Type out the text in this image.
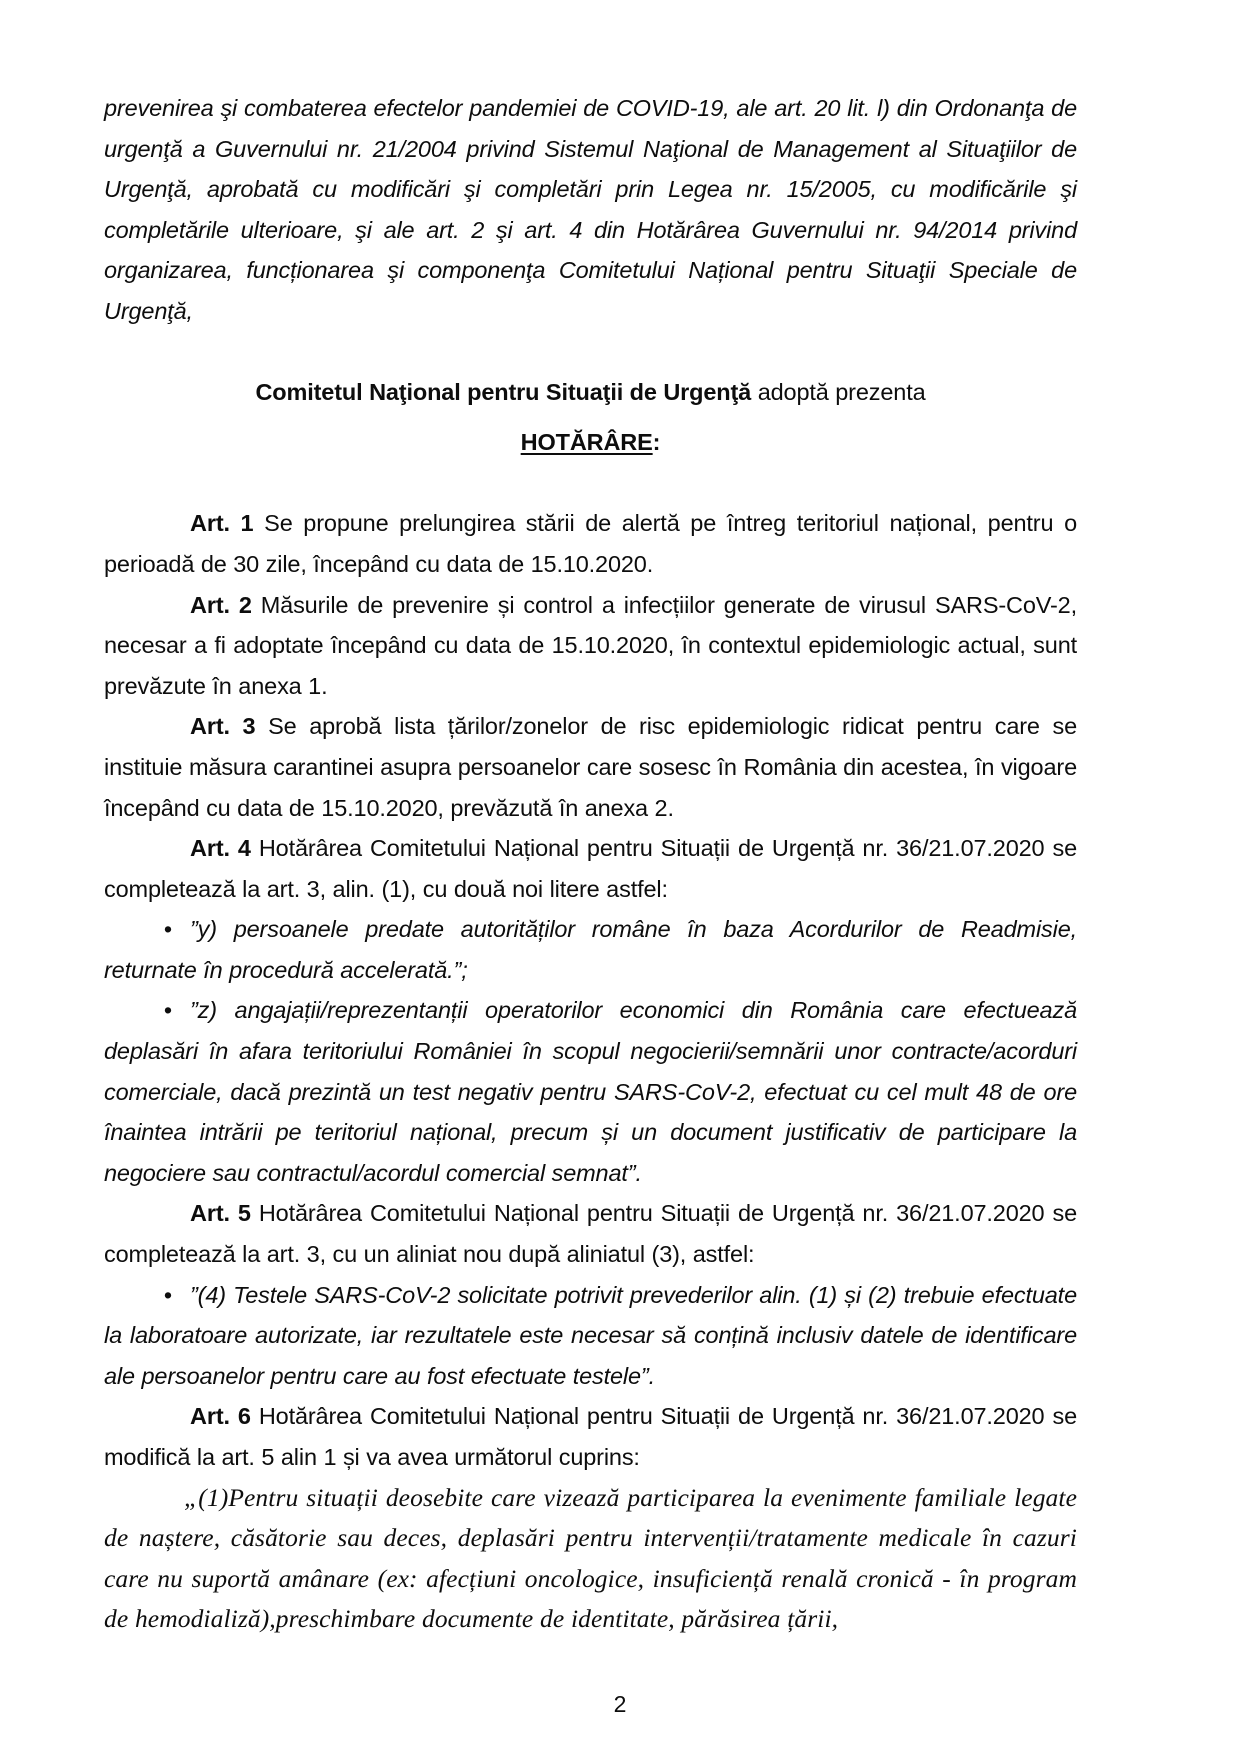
prevenirea şi combaterea efectelor pandemiei de COVID-19, ale art. 20 lit. l) din Ordonanţa de urgenţă a Guvernului nr. 21/2004 privind Sistemul Naţional de Management al Situaţiilor de Urgenţă, aprobată cu modificări şi completări prin Legea nr. 15/2005, cu modificările şi completările ulterioare, şi ale art. 2 şi art. 4 din Hotărârea Guvernului nr. 94/2014 privind organizarea, funcționarea şi componenţa Comitetului Național pentru Situaţii Speciale de Urgenţă,

Comitetul Naţional pentru Situaţii de Urgenţă adoptă prezenta

HOTĂRÂRE:

Art. 1 Se propune prelungirea stării de alertă pe întreg teritoriul național, pentru o perioadă de 30 zile, începând cu data de 15.10.2020.

Art. 2 Măsurile de prevenire și control a infecțiilor generate de virusul SARS-CoV-2, necesar a fi adoptate începând cu data de 15.10.2020, în contextul epidemiologic actual, sunt prevăzute în anexa 1.

Art. 3 Se aprobă lista țărilor/zonelor de risc epidemiologic ridicat pentru care se instituie măsura carantinei asupra persoanelor care sosesc în România din acestea, în vigoare începând cu data de 15.10.2020, prevăzută în anexa 2.

Art. 4 Hotărârea Comitetului Național pentru Situații de Urgență nr. 36/21.07.2020 se completează la art. 3, alin. (1), cu două noi litere astfel:

• ”y) persoanele predate autorităților române în baza Acordurilor de Readmisie, returnate în procedură accelerată.”;

• ”z) angajații/reprezentanții operatorilor economici din România care efectuează deplasări în afara teritoriului României în scopul negocierii/semnării unor contracte/acorduri comerciale, dacă prezintă un test negativ pentru SARS-CoV-2, efectuat cu cel mult 48 de ore înaintea intrării pe teritoriul național, precum și un document justificativ de participare la negociere sau contractul/acordul comercial semnat”.

Art. 5 Hotărârea Comitetului Național pentru Situații de Urgență nr. 36/21.07.2020 se completează la art. 3, cu un aliniat nou după aliniatul (3), astfel:

• ”(4) Testele SARS-CoV-2 solicitate potrivit prevederilor alin. (1) și (2) trebuie efectuate la laboratoare autorizate, iar rezultatele este necesar să conțină inclusiv datele de identificare ale persoanelor pentru care au fost efectuate testele”.

Art. 6 Hotărârea Comitetului Național pentru Situații de Urgență nr. 36/21.07.2020 se modifică la art. 5 alin 1 și va avea următorul cuprins:

„(1)Pentru situații deosebite care vizează participarea la evenimente familiale legate de naștere, căsătorie sau deces, deplasări pentru intervenții/tratamente medicale în cazuri care nu suportă amânare (ex: afecțiuni oncologice, insuficiență renală cronică - în program de hemodializă),preschimbare documente de identitate, părăsirea țării,

2
